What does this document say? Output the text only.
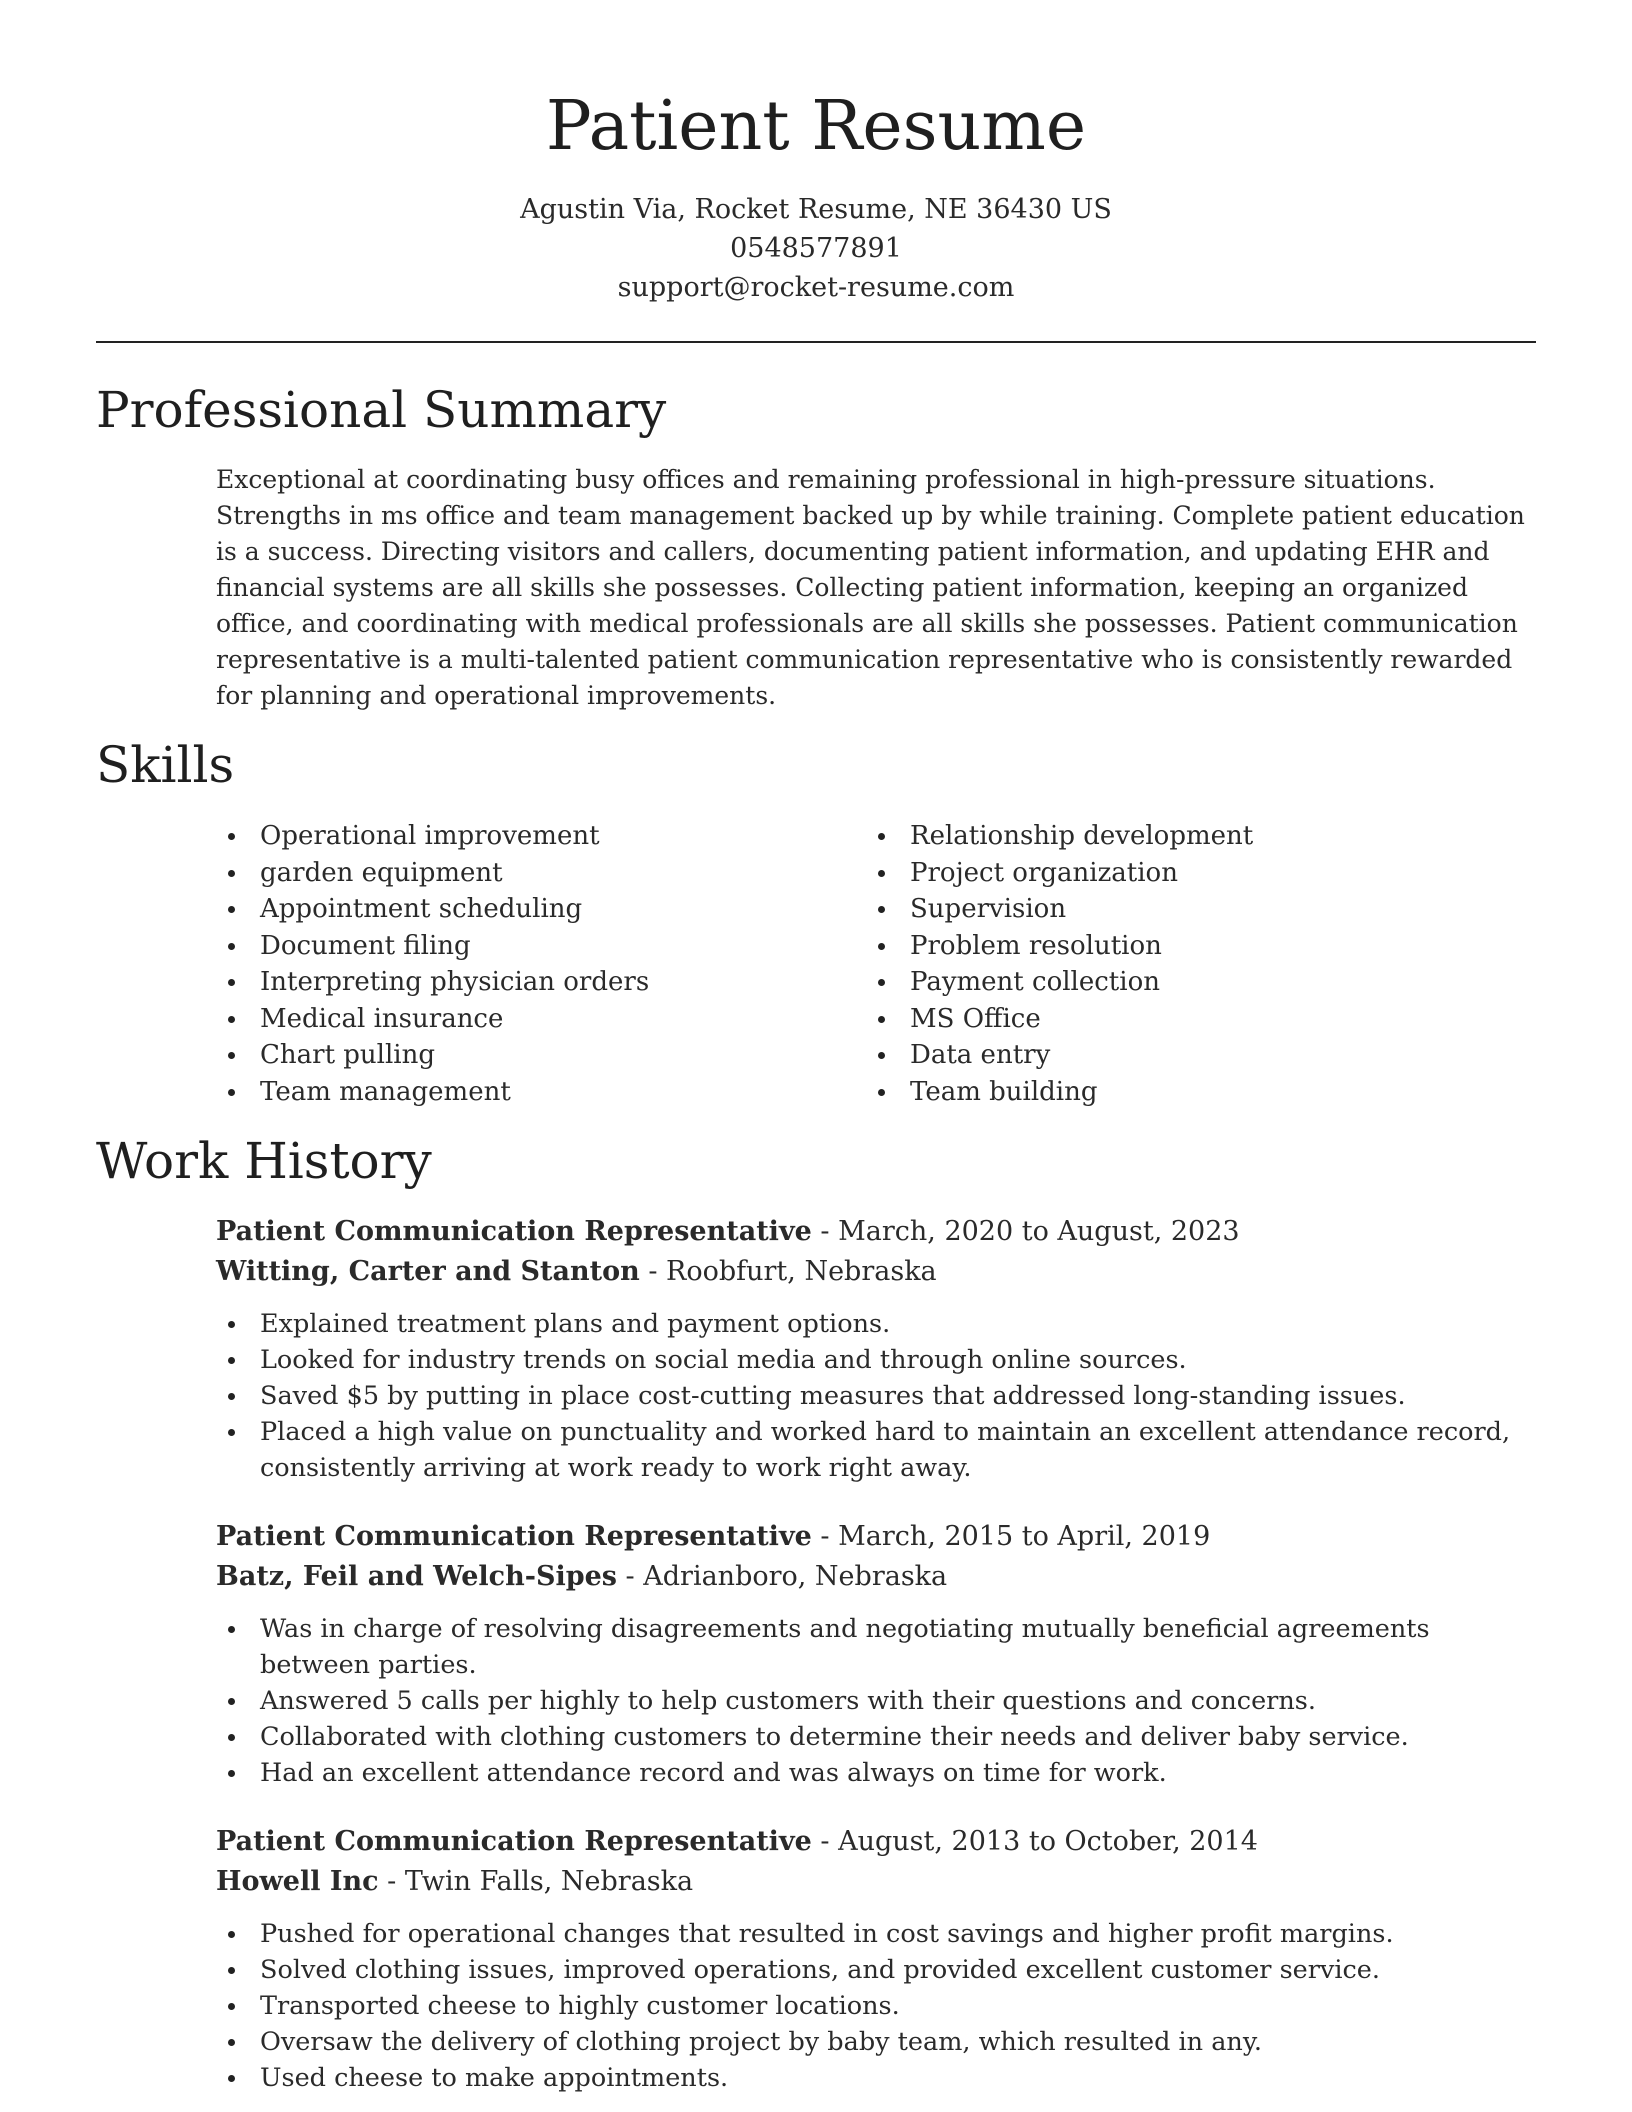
Patient Resume
Agustin Via, Rocket Resume, NE 36430 US
0548577891
support@rocket-resume.com
Professional Summary

Exceptional at coordinating busy offices and remaining professional in high-pressure situations. Strengths in ms office and team management backed up by while training. Complete patient education is a success. Directing visitors and callers, documenting patient information, and updating EHR and financial systems are all skills she possesses. Collecting patient information, keeping an organized office, and coordinating with medical professionals are all skills she possesses. Patient communication representative is a multi-talented patient communication representative who is consistently rewarded for planning and operational improvements.

Skills
Operational improvement
garden equipment
Appointment scheduling
Document filing
Interpreting physician orders
Medical insurance
Chart pulling
Team management
Relationship development
Project organization
Supervision
Problem resolution
Payment collection
MS Office
Data entry
Team building
Work History
Patient Communication Representative - March, 2020 to August, 2023
Witting, Carter and Stanton - Roobfurt, Nebraska
Explained treatment plans and payment options.
Looked for industry trends on social media and through online sources.
Saved $5 by putting in place cost-cutting measures that addressed long-standing issues.
Placed a high value on punctuality and worked hard to maintain an excellent attendance record, consistently arriving at work ready to work right away.
Patient Communication Representative - March, 2015 to April, 2019
Batz, Feil and Welch-Sipes - Adrianboro, Nebraska
Was in charge of resolving disagreements and negotiating mutually beneficial agreements between parties.
Answered 5 calls per highly to help customers with their questions and concerns.
Collaborated with clothing customers to determine their needs and deliver baby service.
Had an excellent attendance record and was always on time for work.
Patient Communication Representative - August, 2013 to October, 2014
Howell Inc - Twin Falls, Nebraska
Pushed for operational changes that resulted in cost savings and higher profit margins.
Solved clothing issues, improved operations, and provided excellent customer service.
Transported cheese to highly customer locations.
Oversaw the delivery of clothing project by baby team, which resulted in any.
Used cheese to make appointments.
